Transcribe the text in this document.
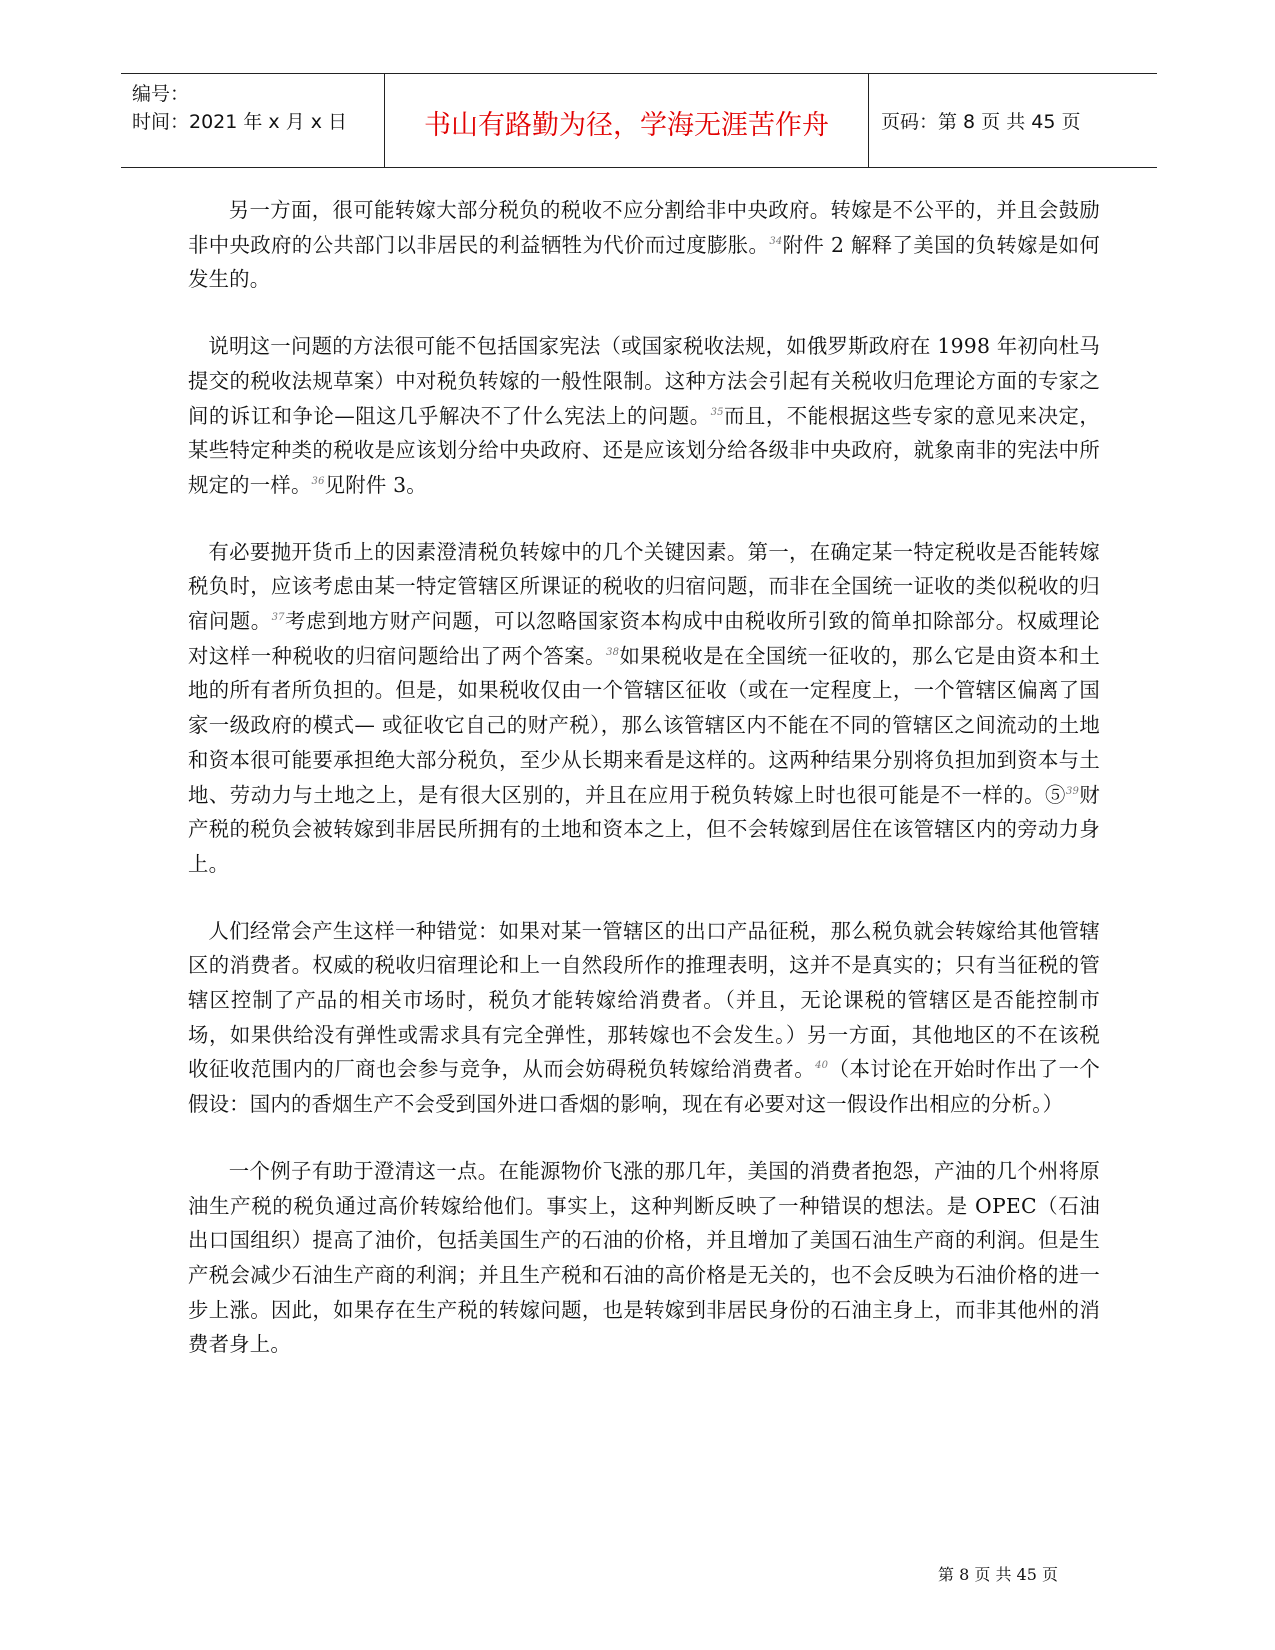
编号：
时间：2021 年 x 月 x 日	书山有路勤为径，学海无涯苦作舟	页码：第 8 页 共 45 页

另一方面，很可能转嫁大部分税负的税收不应分割给非中央政府。转嫁是不公平的，并且会鼓励非中央政府的公共部门以非居民的利益牺牲为代价而过度膨胀。$^{34}$附件 2 解释了美国的负转嫁是如何发生的。

说明这一问题的方法很可能不包括国家宪法（或国家税收法规，如俄罗斯政府在 1998 年初向杜马提交的税收法规草案）中对税负转嫁的一般性限制。这种方法会引起有关税收归危理论方面的专家之间的诉讧和争论—阻这几乎解决不了什么宪法上的问题。$^{35}$而且，不能根据这些专家的意见来决定，某些特定种类的税收是应该划分给中央政府、还是应该划分给各级非中央政府，就象南非的宪法中所规定的一样。$^{36}$见附件 3。

有必要抛开货币上的因素澄清税负转嫁中的几个关键因素。第一，在确定某一特定税收是否能转嫁税负时，应该考虑由某一特定管辖区所课证的税收的归宿问题，而非在全国统一证收的类似税收的归宿问题。$^{37}$考虑到地方财产问题，可以忽略国家资本构成中由税收所引致的简单扣除部分。权威理论对这样一种税收的归宿问题给出了两个答案。$^{38}$如果税收是在全国统一征收的，那么它是由资本和土地的所有者所负担的。但是，如果税收仅由一个管辖区征收（或在一定程度上，一个管辖区偏离了国家一级政府的模式— 或征收它自己的财产税），那么该管辖区内不能在不同的管辖区之间流动的土地和资本很可能要承担绝大部分税负，至少从长期来看是这样的。这两种结果分别将负担加到资本与土地、劳动力与土地之上，是有很大区别的，并且在应用于税负转嫁上时也很可能是不一样的。⑤$^{39}$财产税的税负会被转嫁到非居民所拥有的土地和资本之上，但不会转嫁到居住在该管辖区内的旁动力身上。

人们经常会产生这样一种错觉：如果对某一管辖区的出口产品征税，那么税负就会转嫁给其他管辖区的消费者。权威的税收归宿理论和上一自然段所作的推理表明，这并不是真实的；只有当征税的管辖区控制了产品的相关市场时，税负才能转嫁给消费者。（并且，无论课税的管辖区是否能控制市场，如果供给没有弹性或需求具有完全弹性，那转嫁也不会发生。）另一方面，其他地区的不在该税收征收范围内的厂商也会参与竞争，从而会妨碍税负转嫁给消费者。$^{40}$（本讨论在开始时作出了一个假设：国内的香烟生产不会受到国外进口香烟的影响，现在有必要对这一假设作出相应的分析。）

一个例子有助于澄清这一点。在能源物价飞涨的那几年，美国的消费者抱怨，产油的几个州将原油生产税的税负通过高价转嫁给他们。事实上，这种判断反映了一种错误的想法。是 OPEC（石油出口国组织）提高了油价，包括美国生产的石油的价格，并且增加了美国石油生产商的利润。但是生产税会减少石油生产商的利润；并且生产税和石油的高价格是无关的，也不会反映为石油价格的进一步上涨。因此，如果存在生产税的转嫁问题，也是转嫁到非居民身份的石油主身上，而非其他州的消费者身上。

第 8 页 共 45 页
